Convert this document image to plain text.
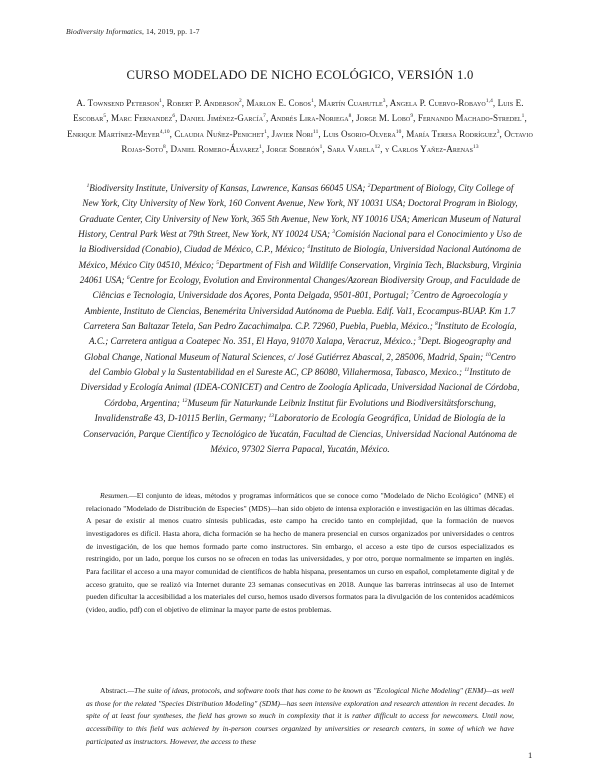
Biodiversity Informatics, 14, 2019, pp. 1-7
CURSO MODELADO DE NICHO ECOLÓGICO, VERSIÓN 1.0
A. Townsend Peterson$^1$, Robert P. Anderson$^2$, Marlon E. Cobos$^1$, Martín Cuahutle$^3$, Angela P. Cuervo-Robayo$^{1,4}$, Luis E. Escobar$^5$, Marc Fernandez$^6$, Daniel Jiménez-García$^7$, Andrés Lira-Noriega$^8$, Jorge M. Lobo$^9$, Fernando Machado-Stredel$^1$, Enrique Martínez-Meyer$^{4,10}$, Claudia Nuñez-Penichet$^1$, Javier Nori$^{11}$, Luis Osorio-Olvera$^{10}$, María Teresa Rodríguez$^3$, Octavio Rojas-Soto$^8$, Daniel Romero-Álvarez$^1$, Jorge Soberón$^1$, Sara Varela$^{12}$, y Carlos Yañez-Arenas$^{13}$
$^1$Biodiversity Institute, University of Kansas, Lawrence, Kansas 66045 USA; $^2$Department of Biology, City College of New York, City University of New York, 160 Convent Avenue, New York, NY 10031 USA; Doctoral Program in Biology, Graduate Center, City University of New York, 365 5th Avenue, New York, NY 10016 USA; American Museum of Natural History, Central Park West at 79th Street, New York, NY 10024 USA; $^3$Comisión Nacional para el Conocimiento y Uso de la Biodiversidad (Conabio), Ciudad de México, C.P., México; $^4$Instituto de Biología, Universidad Nacional Autónoma de México, México City 04510, México; $^5$Department of Fish and Wildlife Conservation, Virginia Tech, Blacksburg, Virginia 24061 USA; $^6$Centre for Ecology, Evolution and Environmental Changes/Azorean Biodiversity Group, and Faculdade de Ciências e Tecnologia, Universidade dos Açores, Ponta Delgada, 9501-801, Portugal; $^7$Centro de Agroecología y Ambiente, Instituto de Ciencias, Benemérita Universidad Autónoma de Puebla. Edif. Val1, Ecocampus-BUAP. Km 1.7 Carretera San Baltazar Tetela, San Pedro Zacachimalpa. C.P. 72960, Puebla, Puebla, México.; $^8$Instituto de Ecología, A.C.; Carretera antigua a Coatepec No. 351, El Haya, 91070 Xalapa, Veracruz, México.; $^9$Dept. Biogeography and Global Change, National Museum of Natural Sciences, c/ José Gutiérrez Abascal, 2, 285006, Madrid, Spain; $^{10}$Centro del Cambio Global y la Sustentabilidad en el Sureste AC, CP 86080, Villahermosa, Tabasco, Mexico.; $^{11}$Instituto de Diversidad y Ecología Animal (IDEA-CONICET) and Centro de Zoología Aplicada, Universidad Nacional de Córdoba, Córdoba, Argentina; $^{12}$Museum für Naturkunde Leibniz Institut für Evolutions und Biodiversitätsforschung, Invalidenstraße 43, D-10115 Berlin, Germany; $^{13}$Laboratorio de Ecología Geográfica, Unidad de Biología de la Conservación, Parque Científico y Tecnológico de Yucatán, Facultad de Ciencias, Universidad Nacional Autónoma de México, 97302 Sierra Papacal, Yucatán, México.
Resumen.—El conjunto de ideas, métodos y programas informáticos que se conoce como "Modelado de Nicho Ecológico" (MNE) el relacionado "Modelado de Distribución de Especies" (MDS)—han sido objeto de intensa exploración e investigación en las últimas décadas. A pesar de existir al menos cuatro síntesis publicadas, este campo ha crecido tanto en complejidad, que la formación de nuevos investigadores es difícil. Hasta ahora, dicha formación se ha hecho de manera presencial en cursos organizados por universidades o centros de investigación, de los que hemos formado parte como instructores. Sin embargo, el acceso a este tipo de cursos especializados es restringido, por un lado, porque los cursos no se ofrecen en todas las universidades, y por otro, porque normalmente se imparten en inglés. Para facilitar el acceso a una mayor comunidad de científicos de habla hispana, presentamos un curso en español, completamente digital y de acceso gratuito, que se realizó via Internet durante 23 semanas consecutivas en 2018. Aunque las barreras intrínsecas al uso de Internet pueden dificultar la accesibilidad a los materiales del curso, hemos usado diversos formatos para la divulgación de los contenidos académicos (video, audio, pdf) con el objetivo de eliminar la mayor parte de estos problemas.
Abstract.—The suite of ideas, protocols, and software tools that has come to be known as "Ecological Niche Modeling" (ENM)—as well as those for the related "Species Distribution Modeling" (SDM)—has seen intensive exploration and research attention in recent decades. In spite of at least four syntheses, the field has grown so much in complexity that it is rather difficult to access for newcomers. Until now, accessibility to this field was achieved by in-person courses organized by universities or research centers, in some of which we have participated as instructors. However, the access to these
1
